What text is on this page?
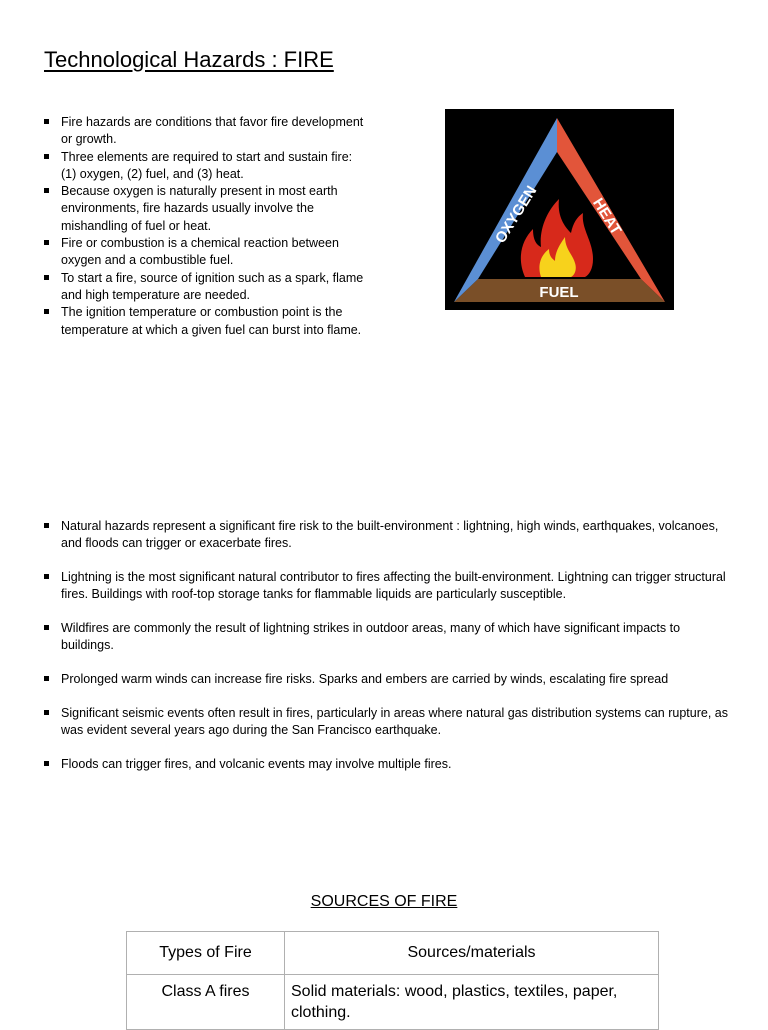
Technological Hazards : FIRE
Fire hazards are conditions that favor fire development or growth.
Three elements are required to start and sustain fire: (1) oxygen, (2) fuel, and (3) heat.
Because oxygen is naturally present in most earth environments, fire hazards usually involve the mishandling of fuel or heat.
Fire or combustion is a chemical reaction between oxygen and a combustible fuel.
To start a fire, source of ignition such as a spark, flame and high temperature are needed.
The ignition temperature or combustion point is the temperature at which a given fuel can burst into flame.
OXYGEN	HEAT
FUEL
Natural hazards represent a significant fire risk to the built-environment : lightning, high winds, earthquakes, volcanoes, and floods can trigger or exacerbate fires.
Lightning is the most significant natural contributor to fires affecting the built-environment. Lightning can trigger structural fires. Buildings with roof-top storage tanks for flammable liquids are particularly susceptible.
Wildfires are commonly the result of lightning strikes in outdoor areas, many of which have significant impacts to buildings.
Prolonged warm winds can increase fire risks. Sparks and embers are carried by winds, escalating fire spread
Significant seismic events often result in fires, particularly in areas where natural gas distribution systems can rupture, as was evident several years ago during the San Francisco earthquake.
Floods can trigger fires, and volcanic events may involve multiple fires.
SOURCES OF FIRE
Types of Fire	Sources/materials
Class A fires	Solid materials: wood, plastics, textiles, paper, clothing.
